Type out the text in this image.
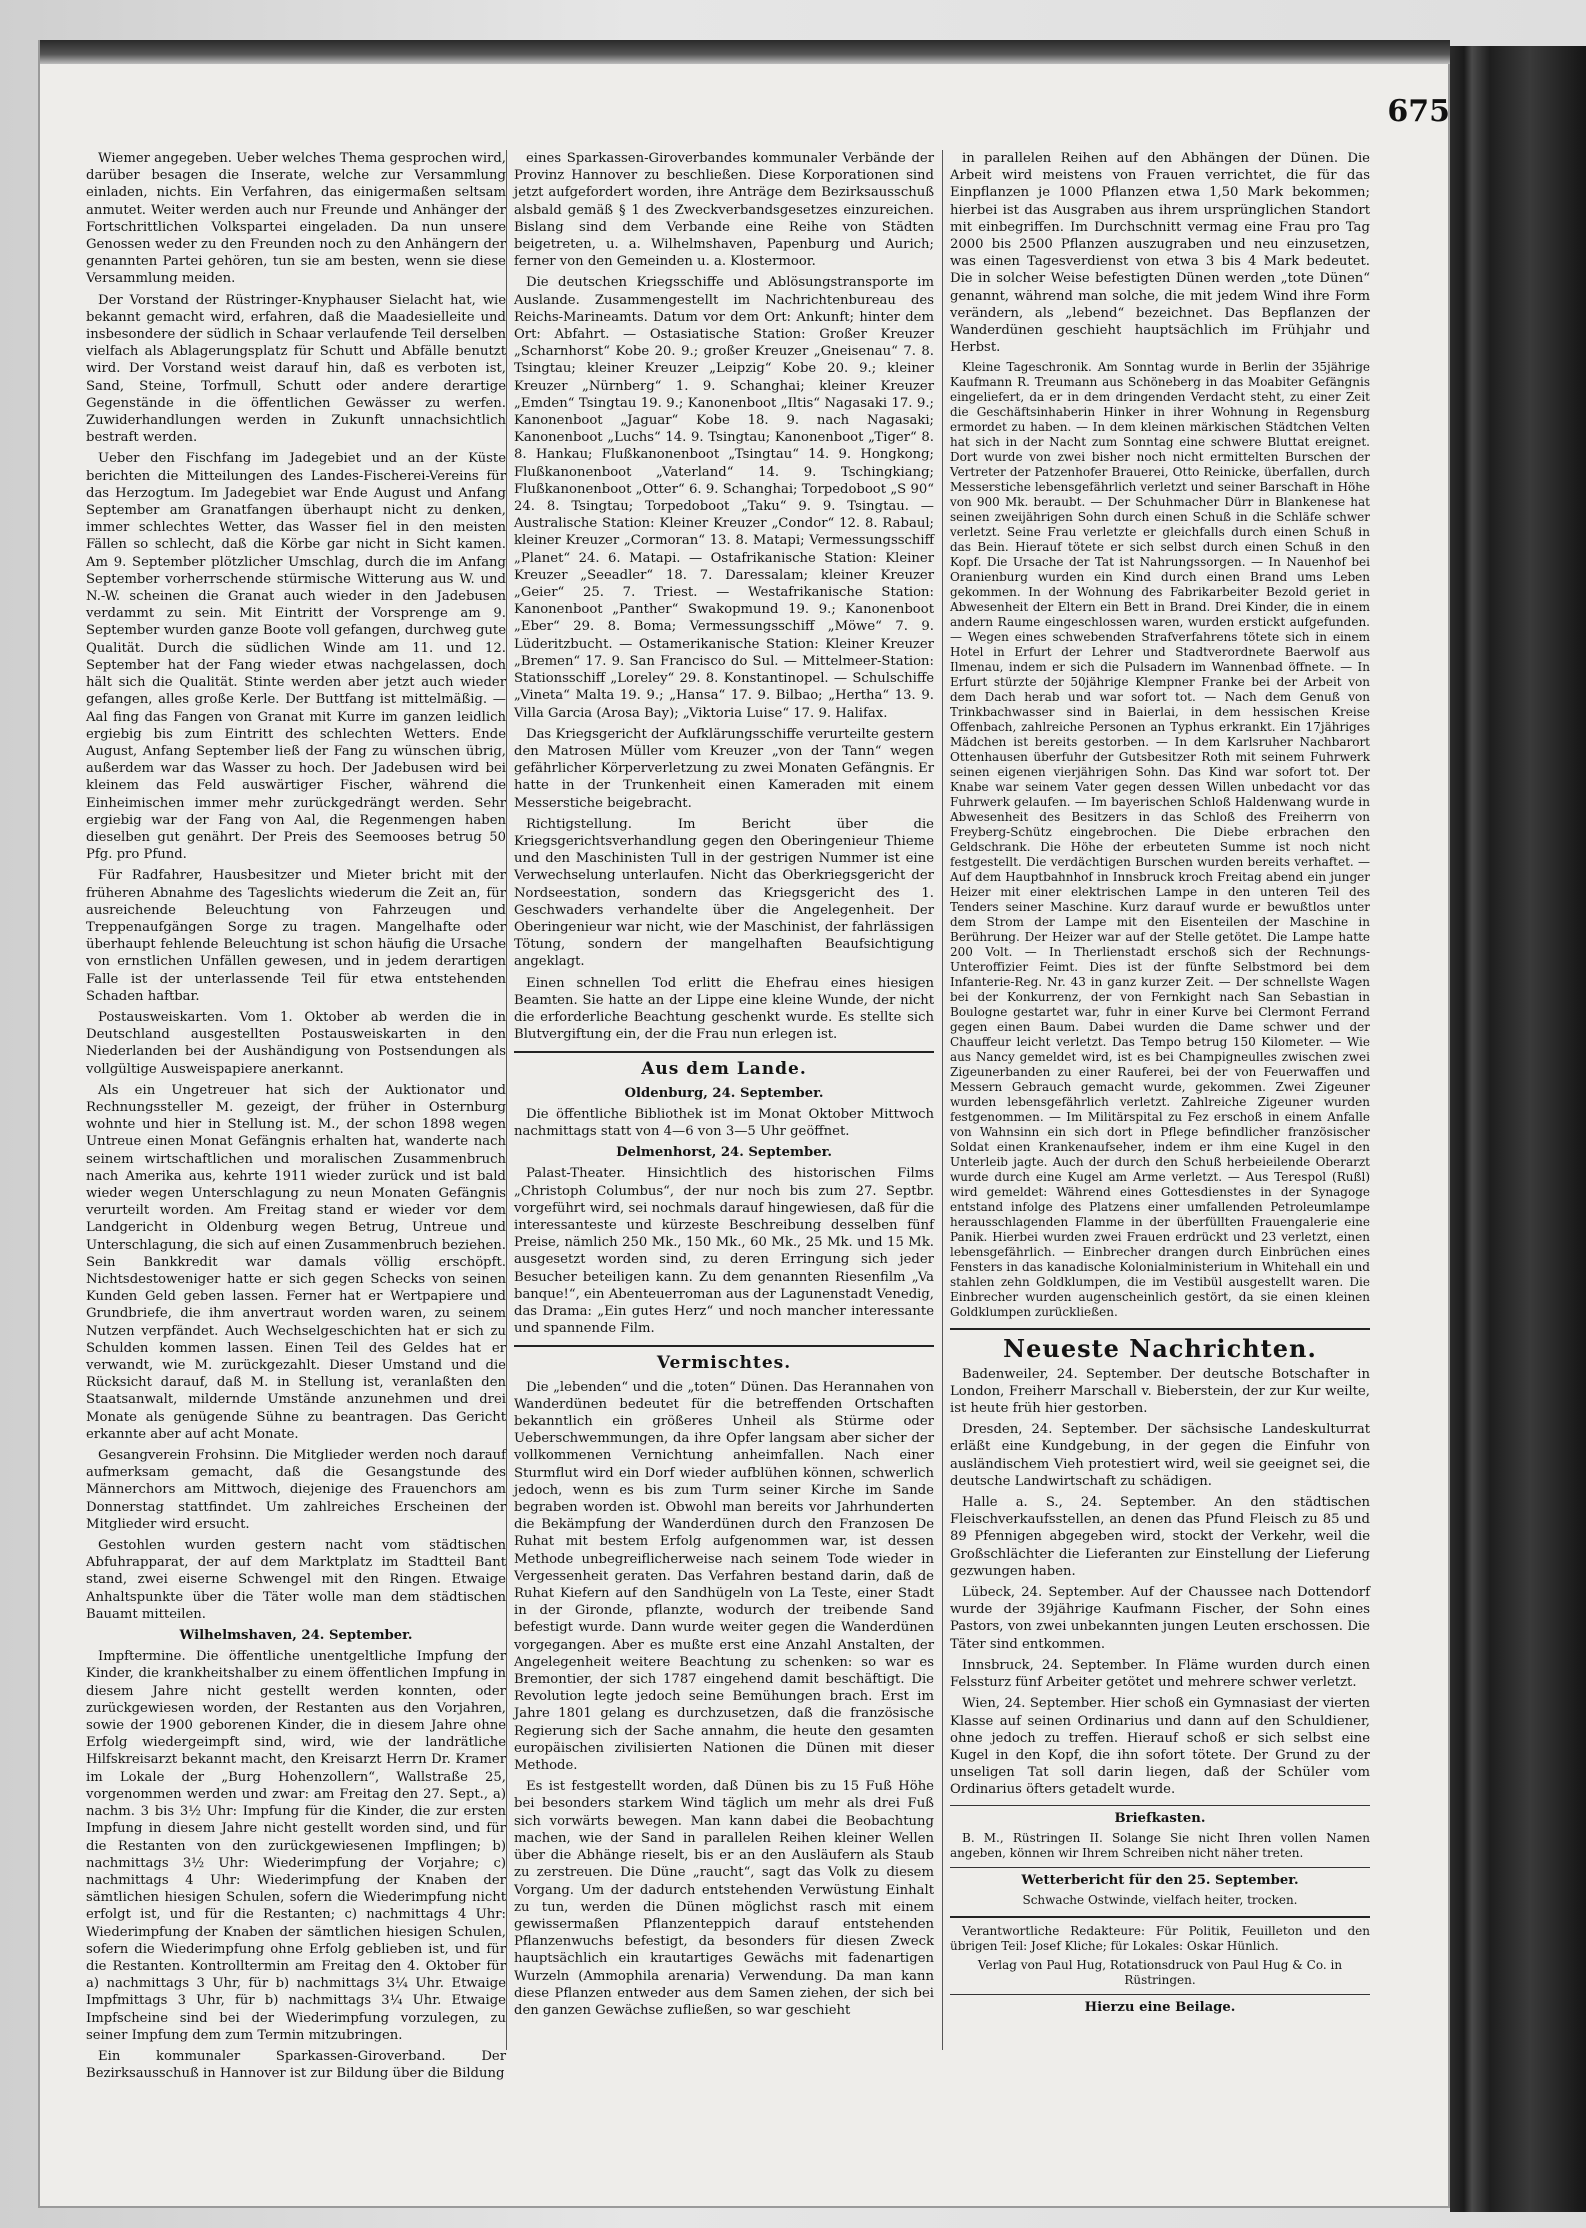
675

Wiemer angegeben. Ueber welches Thema gesprochen wird, darüber besagen die Inserate, welche zur Versammlung einladen, nichts. Ein Verfahren, das einigermaßen seltsam anmutet. Weiter werden auch nur Freunde und Anhänger der Fortschrittlichen Volkspartei eingeladen. Da nun unsere Genossen weder zu den Freunden noch zu den Anhängern der genannten Partei gehören, tun sie am besten, wenn sie diese Versammlung meiden.

Der Vorstand der Rüstringer-Knyphauser Sielacht hat, wie bekannt gemacht wird, erfahren, daß die Maadesielleite und insbesondere der südlich in Schaar verlaufende Teil derselben vielfach als Ablagerungsplatz für Schutt und Abfälle benutzt wird. Der Vorstand weist darauf hin, daß es verboten ist, Sand, Steine, Torfmull, Schutt oder andere derartige Gegenstände in die öffentlichen Gewässer zu werfen. Zuwiderhandlungen werden in Zukunft unnachsichtlich bestraft werden.

Ueber den Fischfang im Jadegebiet und an der Küste berichten die Mitteilungen des Landes-Fischerei-Vereins für das Herzogtum. Im Jadegebiet war Ende August und Anfang September am Granatfangen überhaupt nicht zu denken, immer schlechtes Wetter, das Wasser fiel in den meisten Fällen so schlecht, daß die Körbe gar nicht in Sicht kamen. Am 9. September plötzlicher Umschlag, durch die im Anfang September vorherrschende stürmische Witterung aus W. und N.-W. scheinen die Granat auch wieder in den Jadebusen verdammt zu sein. Mit Eintritt der Vorsprenge am 9. September wurden ganze Boote voll gefangen, durchweg gute Qualität. Durch die südlichen Winde am 11. und 12. September hat der Fang wieder etwas nachgelassen, doch hält sich die Qualität. Stinte werden aber jetzt auch wieder gefangen, alles große Kerle. Der Buttfang ist mittelmäßig. — Aal fing das Fangen von Granat mit Kurre im ganzen leidlich ergiebig bis zum Eintritt des schlechten Wetters. Ende August, Anfang September ließ der Fang zu wünschen übrig, außerdem war das Wasser zu hoch. Der Jadebusen wird bei kleinem das Feld auswärtiger Fischer, während die Einheimischen immer mehr zurückgedrängt werden. Sehr ergiebig war der Fang von Aal, die Regenmengen haben dieselben gut genährt. Der Preis des Seemooses betrug 50 Pfg. pro Pfund.

Für Radfahrer, Hausbesitzer und Mieter bricht mit der früheren Abnahme des Tageslichts wiederum die Zeit an, für ausreichende Beleuchtung von Fahrzeugen und Treppenaufgängen Sorge zu tragen. Mangelhafte oder überhaupt fehlende Beleuchtung ist schon häufig die Ursache von ernstlichen Unfällen gewesen, und in jedem derartigen Falle ist der unterlassende Teil für etwa entstehenden Schaden haftbar.

Postausweiskarten. Vom 1. Oktober ab werden die in Deutschland ausgestellten Postausweiskarten in den Niederlanden bei der Aushändigung von Postsendungen als vollgültige Ausweispapiere anerkannt.

Als ein Ungetreuer hat sich der Auktionator und Rechnungssteller M. gezeigt, der früher in Osternburg wohnte und hier in Stellung ist. M., der schon 1898 wegen Untreue einen Monat Gefängnis erhalten hat, wanderte nach seinem wirtschaftlichen und moralischen Zusammenbruch nach Amerika aus, kehrte 1911 wieder zurück und ist bald wieder wegen Unterschlagung zu neun Monaten Gefängnis verurteilt worden. Am Freitag stand er wieder vor dem Landgericht in Oldenburg wegen Betrug, Untreue und Unterschlagung, die sich auf einen Zusammenbruch beziehen. Sein Bankkredit war damals völlig erschöpft. Nichtsdestoweniger hatte er sich gegen Schecks von seinen Kunden Geld geben lassen. Ferner hat er Wertpapiere und Grundbriefe, die ihm anvertraut worden waren, zu seinem Nutzen verpfändet. Auch Wechselgeschichten hat er sich zu Schulden kommen lassen. Einen Teil des Geldes hat er verwandt, wie M. zurückgezahlt. Dieser Umstand und die Rücksicht darauf, daß M. in Stellung ist, veranlaßten den Staatsanwalt, mildernde Umstände anzunehmen und drei Monate als genügende Sühne zu beantragen. Das Gericht erkannte aber auf acht Monate.

Gesangverein Frohsinn. Die Mitglieder werden noch darauf aufmerksam gemacht, daß die Gesangstunde des Männerchors am Mittwoch, diejenige des Frauenchors am Donnerstag stattfindet. Um zahlreiches Erscheinen der Mitglieder wird ersucht.

Gestohlen wurden gestern nacht vom städtischen Abfuhrapparat, der auf dem Marktplatz im Stadtteil Bant stand, zwei eiserne Schwengel mit den Ringen. Etwaige Anhaltspunkte über die Täter wolle man dem städtischen Bauamt mitteilen.

Wilhelmshaven, 24. September.

Impftermine. Die öffentliche unentgeltliche Impfung der Kinder, die krankheitshalber zu einem öffentlichen Impfung in diesem Jahre nicht gestellt werden konnten, oder zurückgewiesen worden, der Restanten aus den Vorjahren, sowie der 1900 geborenen Kinder, die in diesem Jahre ohne Erfolg wiedergeimpft sind, wird, wie der landrätliche Hilfskreisarzt bekannt macht, den Kreisarzt Herrn Dr. Kramer im Lokale der „Burg Hohenzollern“, Wallstraße 25, vorgenommen werden und zwar: am Freitag den 27. Sept., a) nachm. 3 bis 3½ Uhr: Impfung für die Kinder, die zur ersten Impfung in diesem Jahre nicht gestellt worden sind, und für die Restanten von den zurückgewiesenen Impflingen; b) nachmittags 3½ Uhr: Wiederimpfung der Vorjahre; c) nachmittags 4 Uhr: Wiederimpfung der Knaben der sämtlichen hiesigen Schulen, sofern die Wiederimpfung nicht erfolgt ist, und für die Restanten; c) nachmittags 4 Uhr: Wiederimpfung der Knaben der sämtlichen hiesigen Schulen, sofern die Wiederimpfung ohne Erfolg geblieben ist, und für die Restanten. Kontrolltermin am Freitag den 4. Oktober für a) nachmittags 3 Uhr, für b) nachmittags 3¼ Uhr. Etwaige Impfmittags 3 Uhr, für b) nachmittags 3¼ Uhr. Etwaige Impfscheine sind bei der Wiederimpfung vorzulegen, zu seiner Impfung dem zum Termin mitzubringen.

Ein kommunaler Sparkassen-Giroverband. Der Bezirksausschuß in Hannover ist zur Bildung über die Bildung

eines Sparkassen-Giroverbandes kommunaler Verbände der Provinz Hannover zu beschließen. Diese Korporationen sind jetzt aufgefordert worden, ihre Anträge dem Bezirksausschuß alsbald gemäß § 1 des Zweckverbandsgesetzes einzureichen. Bislang sind dem Verbande eine Reihe von Städten beigetreten, u. a. Wilhelmshaven, Papenburg und Aurich; ferner von den Gemeinden u. a. Klostermoor.

Die deutschen Kriegsschiffe und Ablösungstransporte im Auslande. Zusammengestellt im Nachrichtenbureau des Reichs-Marineamts. Datum vor dem Ort: Ankunft; hinter dem Ort: Abfahrt. — Ostasiatische Station: Großer Kreuzer „Scharnhorst“ Kobe 20. 9.; großer Kreuzer „Gneisenau“ 7. 8. Tsingtau; kleiner Kreuzer „Leipzig“ Kobe 20. 9.; kleiner Kreuzer „Nürnberg“ 1. 9. Schanghai; kleiner Kreuzer „Emden“ Tsingtau 19. 9.; Kanonenboot „Iltis“ Nagasaki 17. 9.; Kanonenboot „Jaguar“ Kobe 18. 9. nach Nagasaki; Kanonenboot „Luchs“ 14. 9. Tsingtau; Kanonenboot „Tiger“ 8. 8. Hankau; Flußkanonenboot „Tsingtau“ 14. 9. Hongkong; Flußkanonenboot „Vaterland“ 14. 9. Tschingkiang; Flußkanonenboot „Otter“ 6. 9. Schanghai; Torpedoboot „S 90“ 24. 8. Tsingtau; Torpedoboot „Taku“ 9. 9. Tsingtau. — Australische Station: Kleiner Kreuzer „Condor“ 12. 8. Rabaul; kleiner Kreuzer „Cormoran“ 13. 8. Matapi; Vermessungsschiff „Planet“ 24. 6. Matapi. — Ostafrikanische Station: Kleiner Kreuzer „Seeadler“ 18. 7. Daressalam; kleiner Kreuzer „Geier“ 25. 7. Triest. — Westafrikanische Station: Kanonenboot „Panther“ Swakopmund 19. 9.; Kanonenboot „Eber“ 29. 8. Boma; Vermessungsschiff „Möwe“ 7. 9. Lüderitzbucht. — Ostamerikanische Station: Kleiner Kreuzer „Bremen“ 17. 9. San Francisco do Sul. — Mittelmeer-Station: Stationsschiff „Loreley“ 29. 8. Konstantinopel. — Schulschiffe „Vineta“ Malta 19. 9.; „Hansa“ 17. 9. Bilbao; „Hertha“ 13. 9. Villa Garcia (Arosa Bay); „Viktoria Luise“ 17. 9. Halifax.

Das Kriegsgericht der Aufklärungsschiffe verurteilte gestern den Matrosen Müller vom Kreuzer „von der Tann“ wegen gefährlicher Körperverletzung zu zwei Monaten Gefängnis. Er hatte in der Trunkenheit einen Kameraden mit einem Messerstiche beigebracht.

Richtigstellung. Im Bericht über die Kriegsgerichtsverhandlung gegen den Oberingenieur Thieme und den Maschinisten Tull in der gestrigen Nummer ist eine Verwechselung unterlaufen. Nicht das Oberkriegsgericht der Nordseestation, sondern das Kriegsgericht des 1. Geschwaders verhandelte über die Angelegenheit. Der Oberingenieur war nicht, wie der Maschinist, der fahrlässigen Tötung, sondern der mangelhaften Beaufsichtigung angeklagt.

Einen schnellen Tod erlitt die Ehefrau eines hiesigen Beamten. Sie hatte an der Lippe eine kleine Wunde, der nicht die erforderliche Beachtung geschenkt wurde. Es stellte sich Blutvergiftung ein, der die Frau nun erlegen ist.

Aus dem Lande.
Oldenburg, 24. September.

Die öffentliche Bibliothek ist im Monat Oktober Mittwoch nachmittags statt von 4—6 von 3—5 Uhr geöffnet.

Delmenhorst, 24. September.

Palast-Theater. Hinsichtlich des historischen Films „Christoph Columbus“, der nur noch bis zum 27. Septbr. vorgeführt wird, sei nochmals darauf hingewiesen, daß für die interessanteste und kürzeste Beschreibung desselben fünf Preise, nämlich 250 Mk., 150 Mk., 60 Mk., 25 Mk. und 15 Mk. ausgesetzt worden sind, zu deren Erringung sich jeder Besucher beteiligen kann. Zu dem genannten Riesenfilm „Va banque!“, ein Abenteuerroman aus der Lagunenstadt Venedig, das Drama: „Ein gutes Herz“ und noch mancher interessante und spannende Film.

Vermischtes.

Die „lebenden“ und die „toten“ Dünen. Das Herannahen von Wanderdünen bedeutet für die betreffenden Ortschaften bekanntlich ein größeres Unheil als Stürme oder Ueberschwemmungen, da ihre Opfer langsam aber sicher der vollkommenen Vernichtung anheimfallen. Nach einer Sturmflut wird ein Dorf wieder aufblühen können, schwerlich jedoch, wenn es bis zum Turm seiner Kirche im Sande begraben worden ist. Obwohl man bereits vor Jahrhunderten die Bekämpfung der Wanderdünen durch den Franzosen De Ruhat mit bestem Erfolg aufgenommen war, ist dessen Methode unbegreiflicherweise nach seinem Tode wieder in Vergessenheit geraten. Das Verfahren bestand darin, daß de Ruhat Kiefern auf den Sandhügeln von La Teste, einer Stadt in der Gironde, pflanzte, wodurch der treibende Sand befestigt wurde. Dann wurde weiter gegen die Wanderdünen vorgegangen. Aber es mußte erst eine Anzahl Anstalten, der Angelegenheit weitere Beachtung zu schenken: so war es Bremontier, der sich 1787 eingehend damit beschäftigt. Die Revolution legte jedoch seine Bemühungen brach. Erst im Jahre 1801 gelang es durchzusetzen, daß die französische Regierung sich der Sache annahm, die heute den gesamten europäischen zivilisierten Nationen die Dünen mit dieser Methode.

Es ist festgestellt worden, daß Dünen bis zu 15 Fuß Höhe bei besonders starkem Wind täglich um mehr als drei Fuß sich vorwärts bewegen. Man kann dabei die Beobachtung machen, wie der Sand in parallelen Reihen kleiner Wellen über die Abhänge rieselt, bis er an den Ausläufern als Staub zu zerstreuen. Die Düne „raucht“, sagt das Volk zu diesem Vorgang. Um der dadurch entstehenden Verwüstung Einhalt zu tun, werden die Dünen möglichst rasch mit einem gewissermaßen Pflanzenteppich darauf entstehenden Pflanzenwuchs befestigt, da besonders für diesen Zweck hauptsächlich ein krautartiges Gewächs mit fadenartigen Wurzeln (Ammophila arenaria) Verwendung. Da man kann diese Pflanzen entweder aus dem Samen ziehen, der sich bei den ganzen Gewächse zufließen, so war geschieht

in parallelen Reihen auf den Abhängen der Dünen. Die Arbeit wird meistens von Frauen verrichtet, die für das Einpflanzen je 1000 Pflanzen etwa 1,50 Mark bekommen; hierbei ist das Ausgraben aus ihrem ursprünglichen Standort mit einbegriffen. Im Durchschnitt vermag eine Frau pro Tag 2000 bis 2500 Pflanzen auszugraben und neu einzusetzen, was einen Tagesverdienst von etwa 3 bis 4 Mark bedeutet. Die in solcher Weise befestigten Dünen werden „tote Dünen“ genannt, während man solche, die mit jedem Wind ihre Form verändern, als „lebend“ bezeichnet. Das Bepflanzen der Wanderdünen geschieht hauptsächlich im Frühjahr und Herbst.

Kleine Tageschronik. Am Sonntag wurde in Berlin der 35jährige Kaufmann R. Treumann aus Schöneberg in das Moabiter Gefängnis eingeliefert, da er in dem dringenden Verdacht steht, zu einer Zeit die Geschäftsinhaberin Hinker in ihrer Wohnung in Regensburg ermordet zu haben. — In dem kleinen märkischen Städtchen Velten hat sich in der Nacht zum Sonntag eine schwere Bluttat ereignet. Dort wurde von zwei bisher noch nicht ermittelten Burschen der Vertreter der Patzenhofer Brauerei, Otto Reinicke, überfallen, durch Messerstiche lebensgefährlich verletzt und seiner Barschaft in Höhe von 900 Mk. beraubt. — Der Schuhmacher Dürr in Blankenese hat seinen zweijährigen Sohn durch einen Schuß in die Schläfe schwer verletzt. Seine Frau verletzte er gleichfalls durch einen Schuß in das Bein. Hierauf tötete er sich selbst durch einen Schuß in den Kopf. Die Ursache der Tat ist Nahrungssorgen. — In Nauenhof bei Oranienburg wurden ein Kind durch einen Brand ums Leben gekommen. In der Wohnung des Fabrikarbeiter Bezold geriet in Abwesenheit der Eltern ein Bett in Brand. Drei Kinder, die in einem andern Raume eingeschlossen waren, wurden erstickt aufgefunden. — Wegen eines schwebenden Strafverfahrens tötete sich in einem Hotel in Erfurt der Lehrer und Stadtverordnete Baerwolf aus Ilmenau, indem er sich die Pulsadern im Wannenbad öffnete. — In Erfurt stürzte der 50jährige Klempner Franke bei der Arbeit von dem Dach herab und war sofort tot. — Nach dem Genuß von Trinkbachwasser sind in Baierlai, in dem hessischen Kreise Offenbach, zahlreiche Personen an Typhus erkrankt. Ein 17jähriges Mädchen ist bereits gestorben. — In dem Karlsruher Nachbarort Ottenhausen überfuhr der Gutsbesitzer Roth mit seinem Fuhrwerk seinen eigenen vierjährigen Sohn. Das Kind war sofort tot. Der Knabe war seinem Vater gegen dessen Willen unbedacht vor das Fuhrwerk gelaufen. — Im bayerischen Schloß Haldenwang wurde in Abwesenheit des Besitzers in das Schloß des Freiherrn von Freyberg-Schütz eingebrochen. Die Diebe erbrachen den Geldschrank. Die Höhe der erbeuteten Summe ist noch nicht festgestellt. Die verdächtigen Burschen wurden bereits verhaftet. — Auf dem Hauptbahnhof in Innsbruck kroch Freitag abend ein junger Heizer mit einer elektrischen Lampe in den unteren Teil des Tenders seiner Maschine. Kurz darauf wurde er bewußtlos unter dem Strom der Lampe mit den Eisenteilen der Maschine in Berührung. Der Heizer war auf der Stelle getötet. Die Lampe hatte 200 Volt. — In Therlienstadt erschoß sich der Rechnungs-Unteroffizier Feimt. Dies ist der fünfte Selbstmord bei dem Infanterie-Reg. Nr. 43 in ganz kurzer Zeit. — Der schnellste Wagen bei der Konkurrenz, der von Fernkight nach San Sebastian in Boulogne gestartet war, fuhr in einer Kurve bei Clermont Ferrand gegen einen Baum. Dabei wurden die Dame schwer und der Chauffeur leicht verletzt. Das Tempo betrug 150 Kilometer. — Wie aus Nancy gemeldet wird, ist es bei Champigneulles zwischen zwei Zigeunerbanden zu einer Rauferei, bei der von Feuerwaffen und Messern Gebrauch gemacht wurde, gekommen. Zwei Zigeuner wurden lebensgefährlich verletzt. Zahlreiche Zigeuner wurden festgenommen. — Im Militärspital zu Fez erschoß in einem Anfalle von Wahnsinn ein sich dort in Pflege befindlicher französischer Soldat einen Krankenaufseher, indem er ihm eine Kugel in den Unterleib jagte. Auch der durch den Schuß herbeieilende Oberarzt wurde durch eine Kugel am Arme verletzt. — Aus Terespol (Rußl) wird gemeldet: Während eines Gottesdienstes in der Synagoge entstand infolge des Platzens einer umfallenden Petroleumlampe herausschlagenden Flamme in der überfüllten Frauengalerie eine Panik. Hierbei wurden zwei Frauen erdrückt und 23 verletzt, einen lebensgefährlich. — Einbrecher drangen durch Einbrüchen eines Fensters in das kanadische Kolonialministerium in Whitehall ein und stahlen zehn Goldklumpen, die im Vestibül ausgestellt waren. Die Einbrecher wurden augenscheinlich gestört, da sie einen kleinen Goldklumpen zurückließen.

Neueste Nachrichten.

Badenweiler, 24. September. Der deutsche Botschafter in London, Freiherr Marschall v. Bieberstein, der zur Kur weilte, ist heute früh hier gestorben.

Dresden, 24. September. Der sächsische Landeskulturrat erläßt eine Kundgebung, in der gegen die Einfuhr von ausländischem Vieh protestiert wird, weil sie geeignet sei, die deutsche Landwirtschaft zu schädigen.

Halle a. S., 24. September. An den städtischen Fleischverkaufsstellen, an denen das Pfund Fleisch zu 85 und 89 Pfennigen abgegeben wird, stockt der Verkehr, weil die Großschlächter die Lieferanten zur Einstellung der Lieferung gezwungen haben.

Lübeck, 24. September. Auf der Chaussee nach Dottendorf wurde der 39jährige Kaufmann Fischer, der Sohn eines Pastors, von zwei unbekannten jungen Leuten erschossen. Die Täter sind entkommen.

Innsbruck, 24. September. In Fläme wurden durch einen Felssturz fünf Arbeiter getötet und mehrere schwer verletzt.

Wien, 24. September. Hier schoß ein Gymnasiast der vierten Klasse auf seinen Ordinarius und dann auf den Schuldiener, ohne jedoch zu treffen. Hierauf schoß er sich selbst eine Kugel in den Kopf, die ihn sofort tötete. Der Grund zu der unseligen Tat soll darin liegen, daß der Schüler vom Ordinarius öfters getadelt wurde.

Briefkasten.

B. M., Rüstringen II. Solange Sie nicht Ihren vollen Namen angeben, können wir Ihrem Schreiben nicht näher treten.

Wetterbericht für den 25. September.
Schwache Ostwinde, vielfach heiter, trocken.

Verantwortliche Redakteure: Für Politik, Feuilleton und den übrigen Teil: Josef Kliche; für Lokales: Oskar Hünlich.

Verlag von Paul Hug, Rotationsdruck von Paul Hug & Co. in Rüstringen.

Hierzu eine Beilage.
